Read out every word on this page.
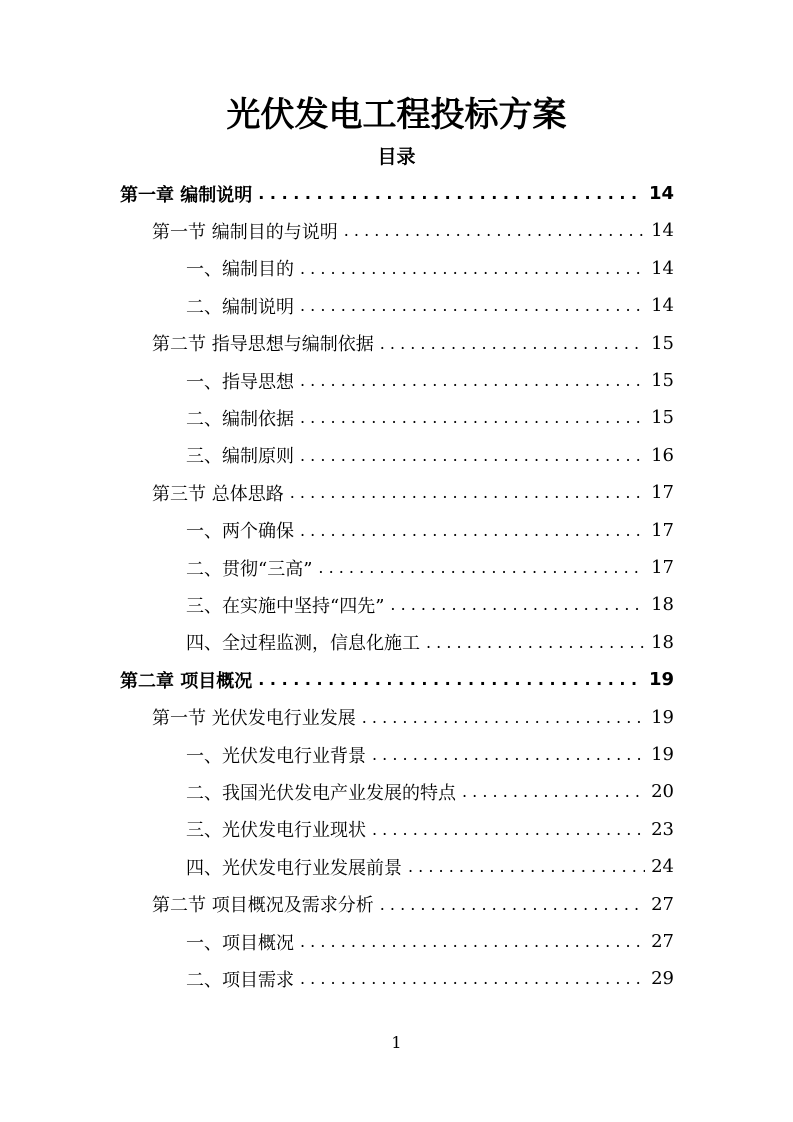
光伏发电工程投标方案
目录
第一章 编制说明 . . .	14
第一节 编制目的与说明 . . .	14
一、编制目的 . . .	14
二、编制说明 . . .	14
第二节 指导思想与编制依据 . . .	15
一、指导思想 . . .	15
二、编制依据 . . .	15
三、编制原则 . . .	16
第三节 总体思路 . . .	17
一、两个确保 . . .	17
二、贯彻“三高” . . .	17
三、在实施中坚持“四先” . . .	18
四、全过程监测，信息化施工 . . .	18
第二章 项目概况 . . .	19
第一节 光伏发电行业发展 . . .	19
一、光伏发电行业背景 . . .	19
二、我国光伏发电产业发展的特点 . . .	20
三、光伏发电行业现状 . . .	23
四、光伏发电行业发展前景 . . .	24
第二节 项目概况及需求分析 . . .	27
一、项目概况 . . .	27
二、项目需求 . . .	29
1
